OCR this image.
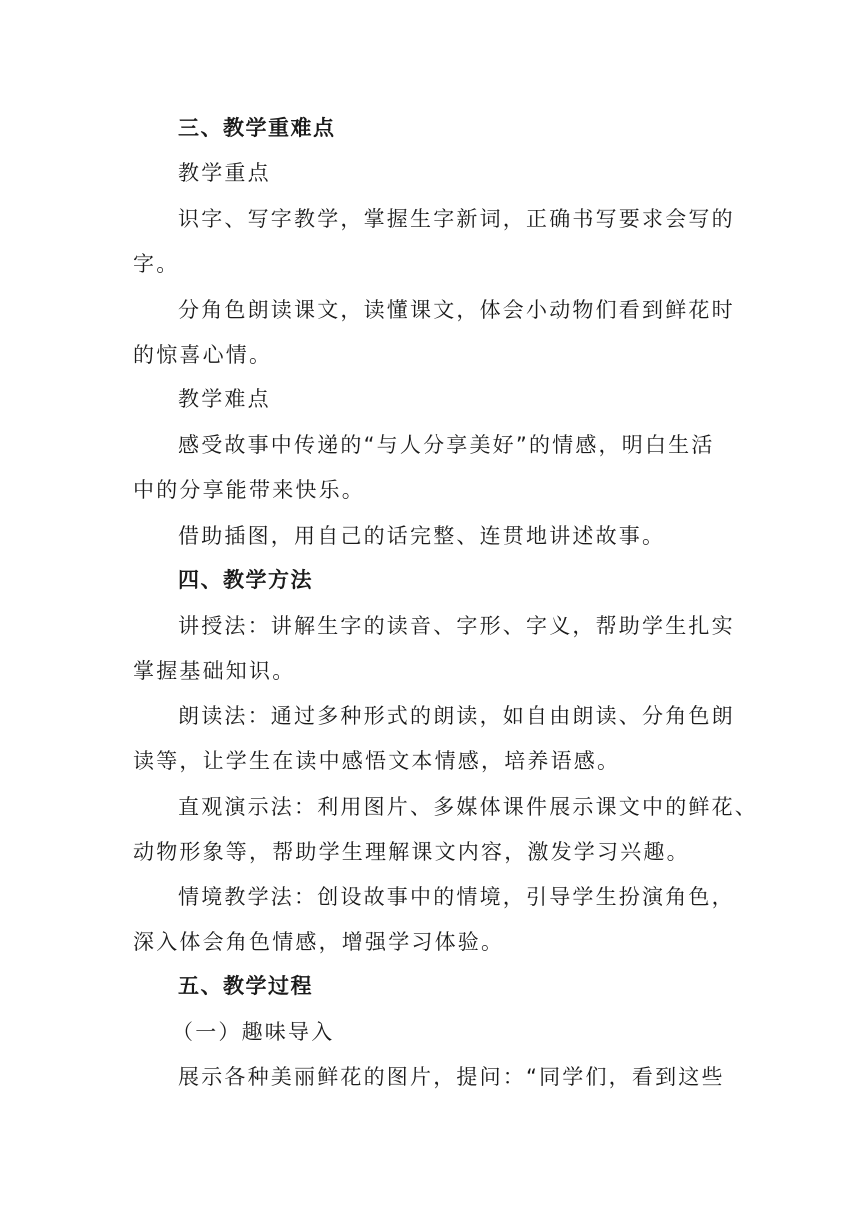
三、教学重难点
教学重点
识字、写字教学，掌握生字新词，正确书写要求会写的
字。
分角色朗读课文，读懂课文，体会小动物们看到鲜花时
的惊喜心情。
教学难点
感受故事中传递的“与人分享美好”的情感，明白生活
中的分享能带来快乐。
借助插图，用自己的话完整、连贯地讲述故事。
四、教学方法
讲授法：讲解生字的读音、字形、字义，帮助学生扎实
掌握基础知识。
朗读法：通过多种形式的朗读，如自由朗读、分角色朗
读等，让学生在读中感悟文本情感，培养语感。
直观演示法：利用图片、多媒体课件展示课文中的鲜花、
动物形象等，帮助学生理解课文内容，激发学习兴趣。
情境教学法：创设故事中的情境，引导学生扮演角色，
深入体会角色情感，增强学习体验。
五、教学过程
（一）趣味导入
展示各种美丽鲜花的图片，提问：“同学们，看到这些
